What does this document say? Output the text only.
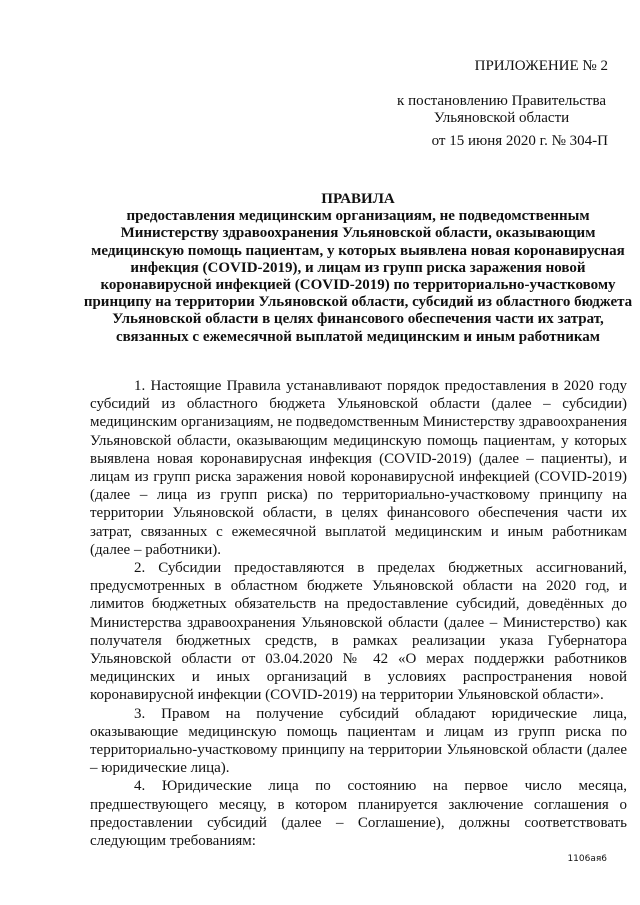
ПРИЛОЖЕНИЕ № 2
к постановлению Правительства
Ульяновской области
от 15 июня 2020 г. № 304-П
ПРАВИЛА
предоставления медицинским организациям, не подведомственным Министерству здравоохранения Ульяновской области, оказывающим медицинскую помощь пациентам, у которых выявлена новая коронавирусная инфекция (COVID-2019), и лицам из групп риска заражения новой коронавирусной инфекцией (COVID-2019) по территориально-участковому принципу на территории Ульяновской области, субсидий из областного бюджета Ульяновской области в целях финансового обеспечения части их затрат, связанных с ежемесячной выплатой медицинским и иным работникам

1. Настоящие Правила устанавливают порядок предоставления в 2020 году субсидий из областного бюджета Ульяновской области (далее – субсидии) медицинским организациям, не подведомственным Министерству здравоохранения Ульяновской области, оказывающим медицинскую помощь пациентам, у которых выявлена новая коронавирусная инфекция (COVID-2019) (далее – пациенты), и лицам из групп риска заражения новой коронавирусной инфекцией (COVID-2019) (далее – лица из групп риска) по территориально-участковому принципу на территории Ульяновской области, в целях финансового обеспечения части их затрат, связанных с ежемесячной выплатой медицинским и иным работникам (далее – работники).

2. Субсидии предоставляются в пределах бюджетных ассигнований, предусмотренных в областном бюджете Ульяновской области на 2020 год, и лимитов бюджетных обязательств на предоставление субсидий, доведённых до Министерства здравоохранения Ульяновской области (далее – Министерство) как получателя бюджетных средств, в рамках реализации указа Губернатора Ульяновской области от 03.04.2020 № 42 «О мерах поддержки работников медицинских и иных организаций в условиях распространения новой коронавирусной инфекции (COVID-2019) на территории Ульяновской области».

3. Правом на получение субсидий обладают юридические лица, оказывающие медицинскую помощь пациентам и лицам из групп риска по территориально-участковому принципу на территории Ульяновской области (далее – юридические лица).

4. Юридические лица по состоянию на первое число месяца, предшествующего месяцу, в котором планируется заключение соглашения о предоставлении субсидий (далее – Соглашение), должны соответствовать следующим требованиям:

1106ая6
